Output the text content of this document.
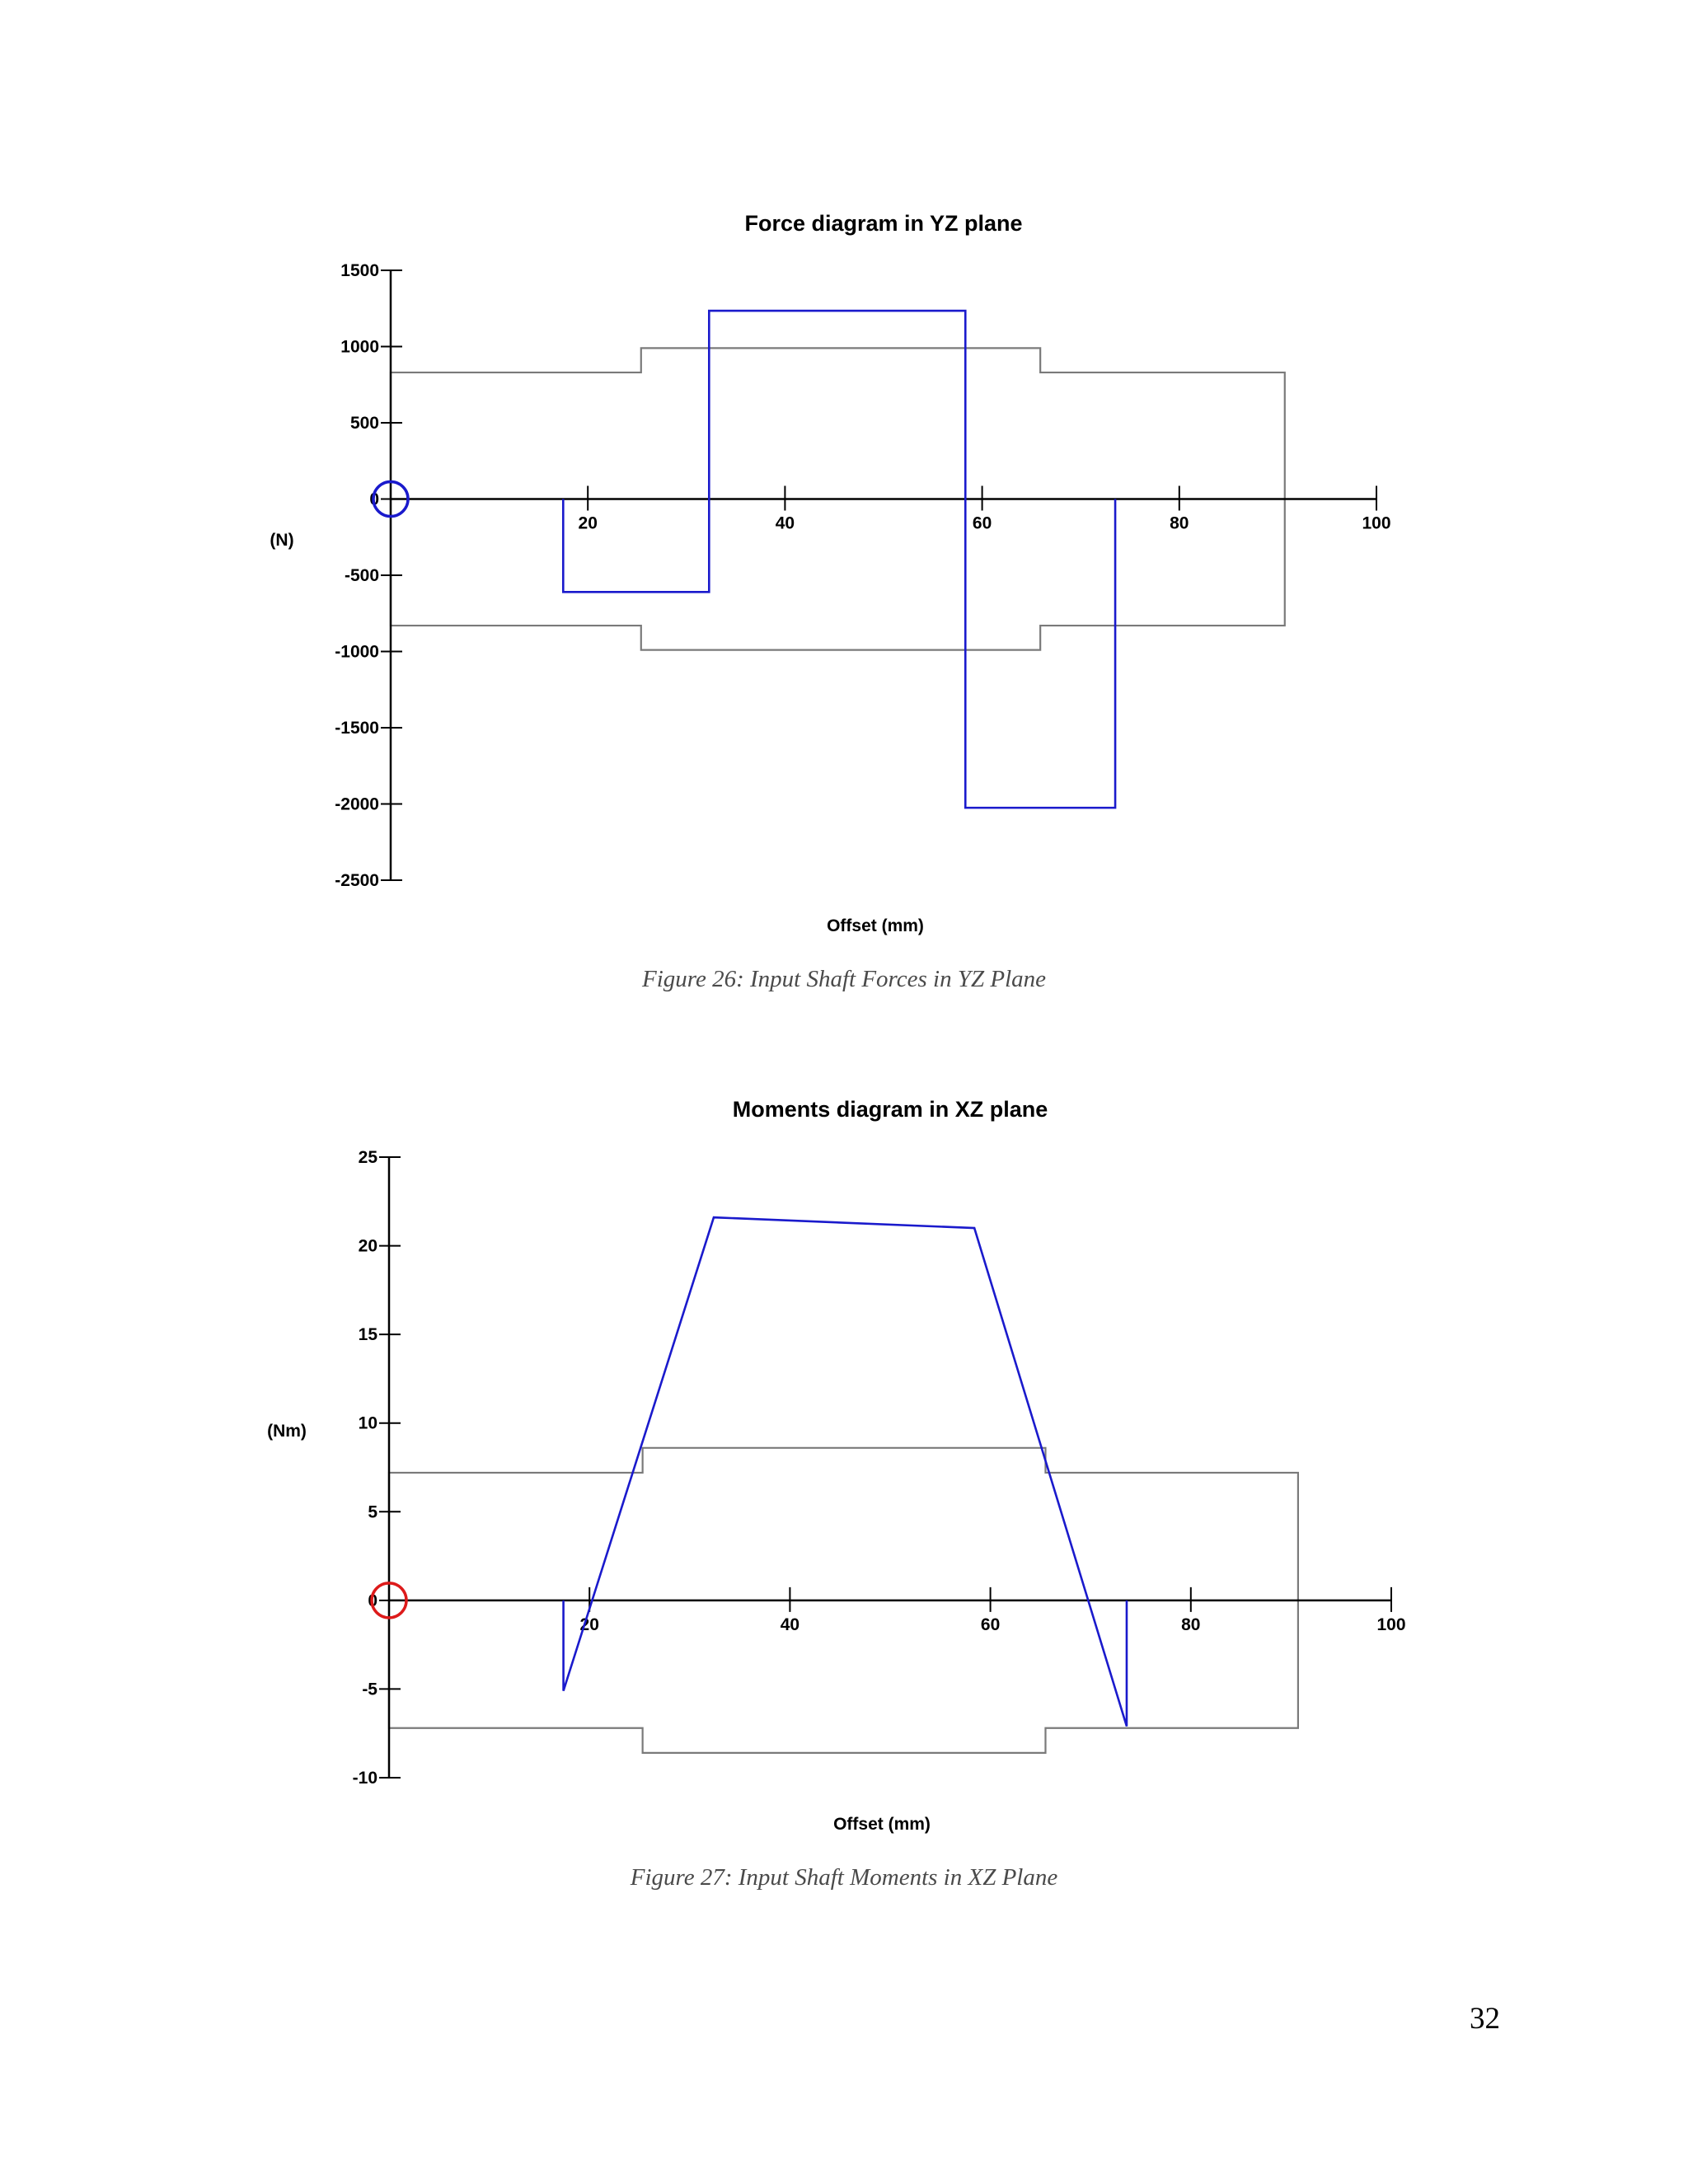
Force diagram in YZ plane
1500
1000
500
0
-500
-1000
-1500
-2000
-2500
20	40	60	80	100
Offset (mm)
(N)
Moments diagram in XZ plane
25
20
15
10
5
0
-5
-10
20	40	60	80	100
Offset (mm)
(Nm)
Figure 26: Input Shaft Forces in YZ Plane
Figure 27: Input Shaft Moments in XZ Plane
32
